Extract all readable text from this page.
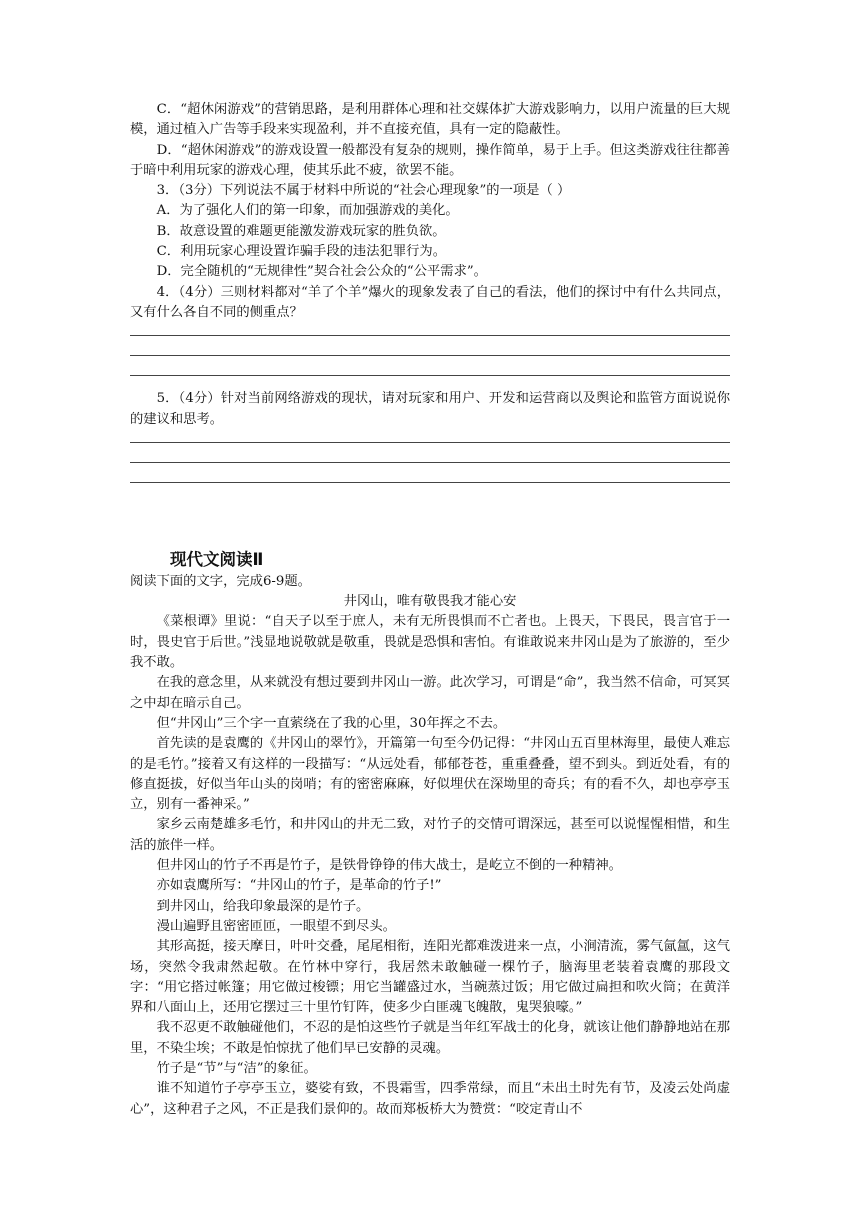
C．“超休闲游戏”的营销思路，是利用群体心理和社交媒体扩大游戏影响力，以用户流量的巨大规模，通过植入广告等手段来实现盈利，并不直接充值，具有一定的隐蔽性。

D．“超休闲游戏”的游戏设置一般都没有复杂的规则，操作简单，易于上手。但这类游戏往往都善于暗中利用玩家的游戏心理，使其乐此不疲，欲罢不能。

3．（3分）下列说法不属于材料中所说的“社会心理现象”的一项是（ ）

A．为了强化人们的第一印象，而加强游戏的美化。

B．故意设置的难题更能激发游戏玩家的胜负欲。

C．利用玩家心理设置诈骗手段的违法犯罪行为。

D．完全随机的“无规律性”契合社会公众的“公平需求”。

4．（4分）三则材料都对“羊了个羊”爆火的现象发表了自己的看法，他们的探讨中有什么共同点，又有什么各自不同的侧重点？

5．（4分）针对当前网络游戏的现状，请对玩家和用户、开发和运营商以及舆论和监管方面说说你的建议和思考。

现代文阅读Ⅱ

阅读下面的文字，完成6-9题。

井冈山，唯有敬畏我才能心安

《菜根谭》里说：“自天子以至于庶人，未有无所畏惧而不亡者也。上畏天，下畏民，畏言官于一时，畏史官于后世。”浅显地说敬就是敬重，畏就是恐惧和害怕。有谁敢说来井冈山是为了旅游的，至少我不敢。

在我的意念里，从来就没有想过要到井冈山一游。此次学习，可谓是“命”，我当然不信命，可冥冥之中却在暗示自己。

但“井冈山”三个字一直萦绕在了我的心里，30年挥之不去。

首先读的是袁鹰的《井冈山的翠竹》，开篇第一句至今仍记得：“井冈山五百里林海里，最使人难忘的是毛竹。”接着又有这样的一段描写：“从远处看，郁郁苍苍，重重叠叠，望不到头。到近处看，有的修直挺拔，好似当年山头的岗哨；有的密密麻麻，好似埋伏在深坳里的奇兵；有的看不久，却也亭亭玉立，别有一番神采。”

家乡云南楚雄多毛竹，和井冈山的井无二致，对竹子的交情可谓深远，甚至可以说惺惺相惜，和生活的旅伴一样。

但井冈山的竹子不再是竹子，是铁骨铮铮的伟大战士，是屹立不倒的一种精神。

亦如袁鹰所写：“井冈山的竹子，是革命的竹子!”

到井冈山，给我印象最深的是竹子。

漫山遍野且密密匝匝，一眼望不到尽头。

其形高挺，接天摩日，叶叶交叠，尾尾相衔，连阳光都难泼进来一点，小涧清流，雾气氤氲，这气场，突然令我肃然起敬。在竹林中穿行，我居然未敢触碰一棵竹子，脑海里老装着袁鹰的那段文字：“用它搭过帐篷；用它做过梭镖；用它当罐盛过水，当碗蒸过饭；用它做过扁担和吹火筒；在黄洋界和八面山上，还用它摆过三十里竹钉阵，使多少白匪魂飞魄散，鬼哭狼嚎。”

我不忍更不敢触碰他们，不忍的是怕这些竹子就是当年红军战士的化身，就该让他们静静地站在那里，不染尘埃；不敢是怕惊扰了他们早已安静的灵魂。

竹子是“节”与“洁”的象征。

谁不知道竹子亭亭玉立，婆娑有致，不畏霜雪，四季常绿，而且“未出土时先有节，及凌云处尚虚心”，这种君子之风，不正是我们景仰的。故而郑板桥大为赞赏：“咬定青山不
